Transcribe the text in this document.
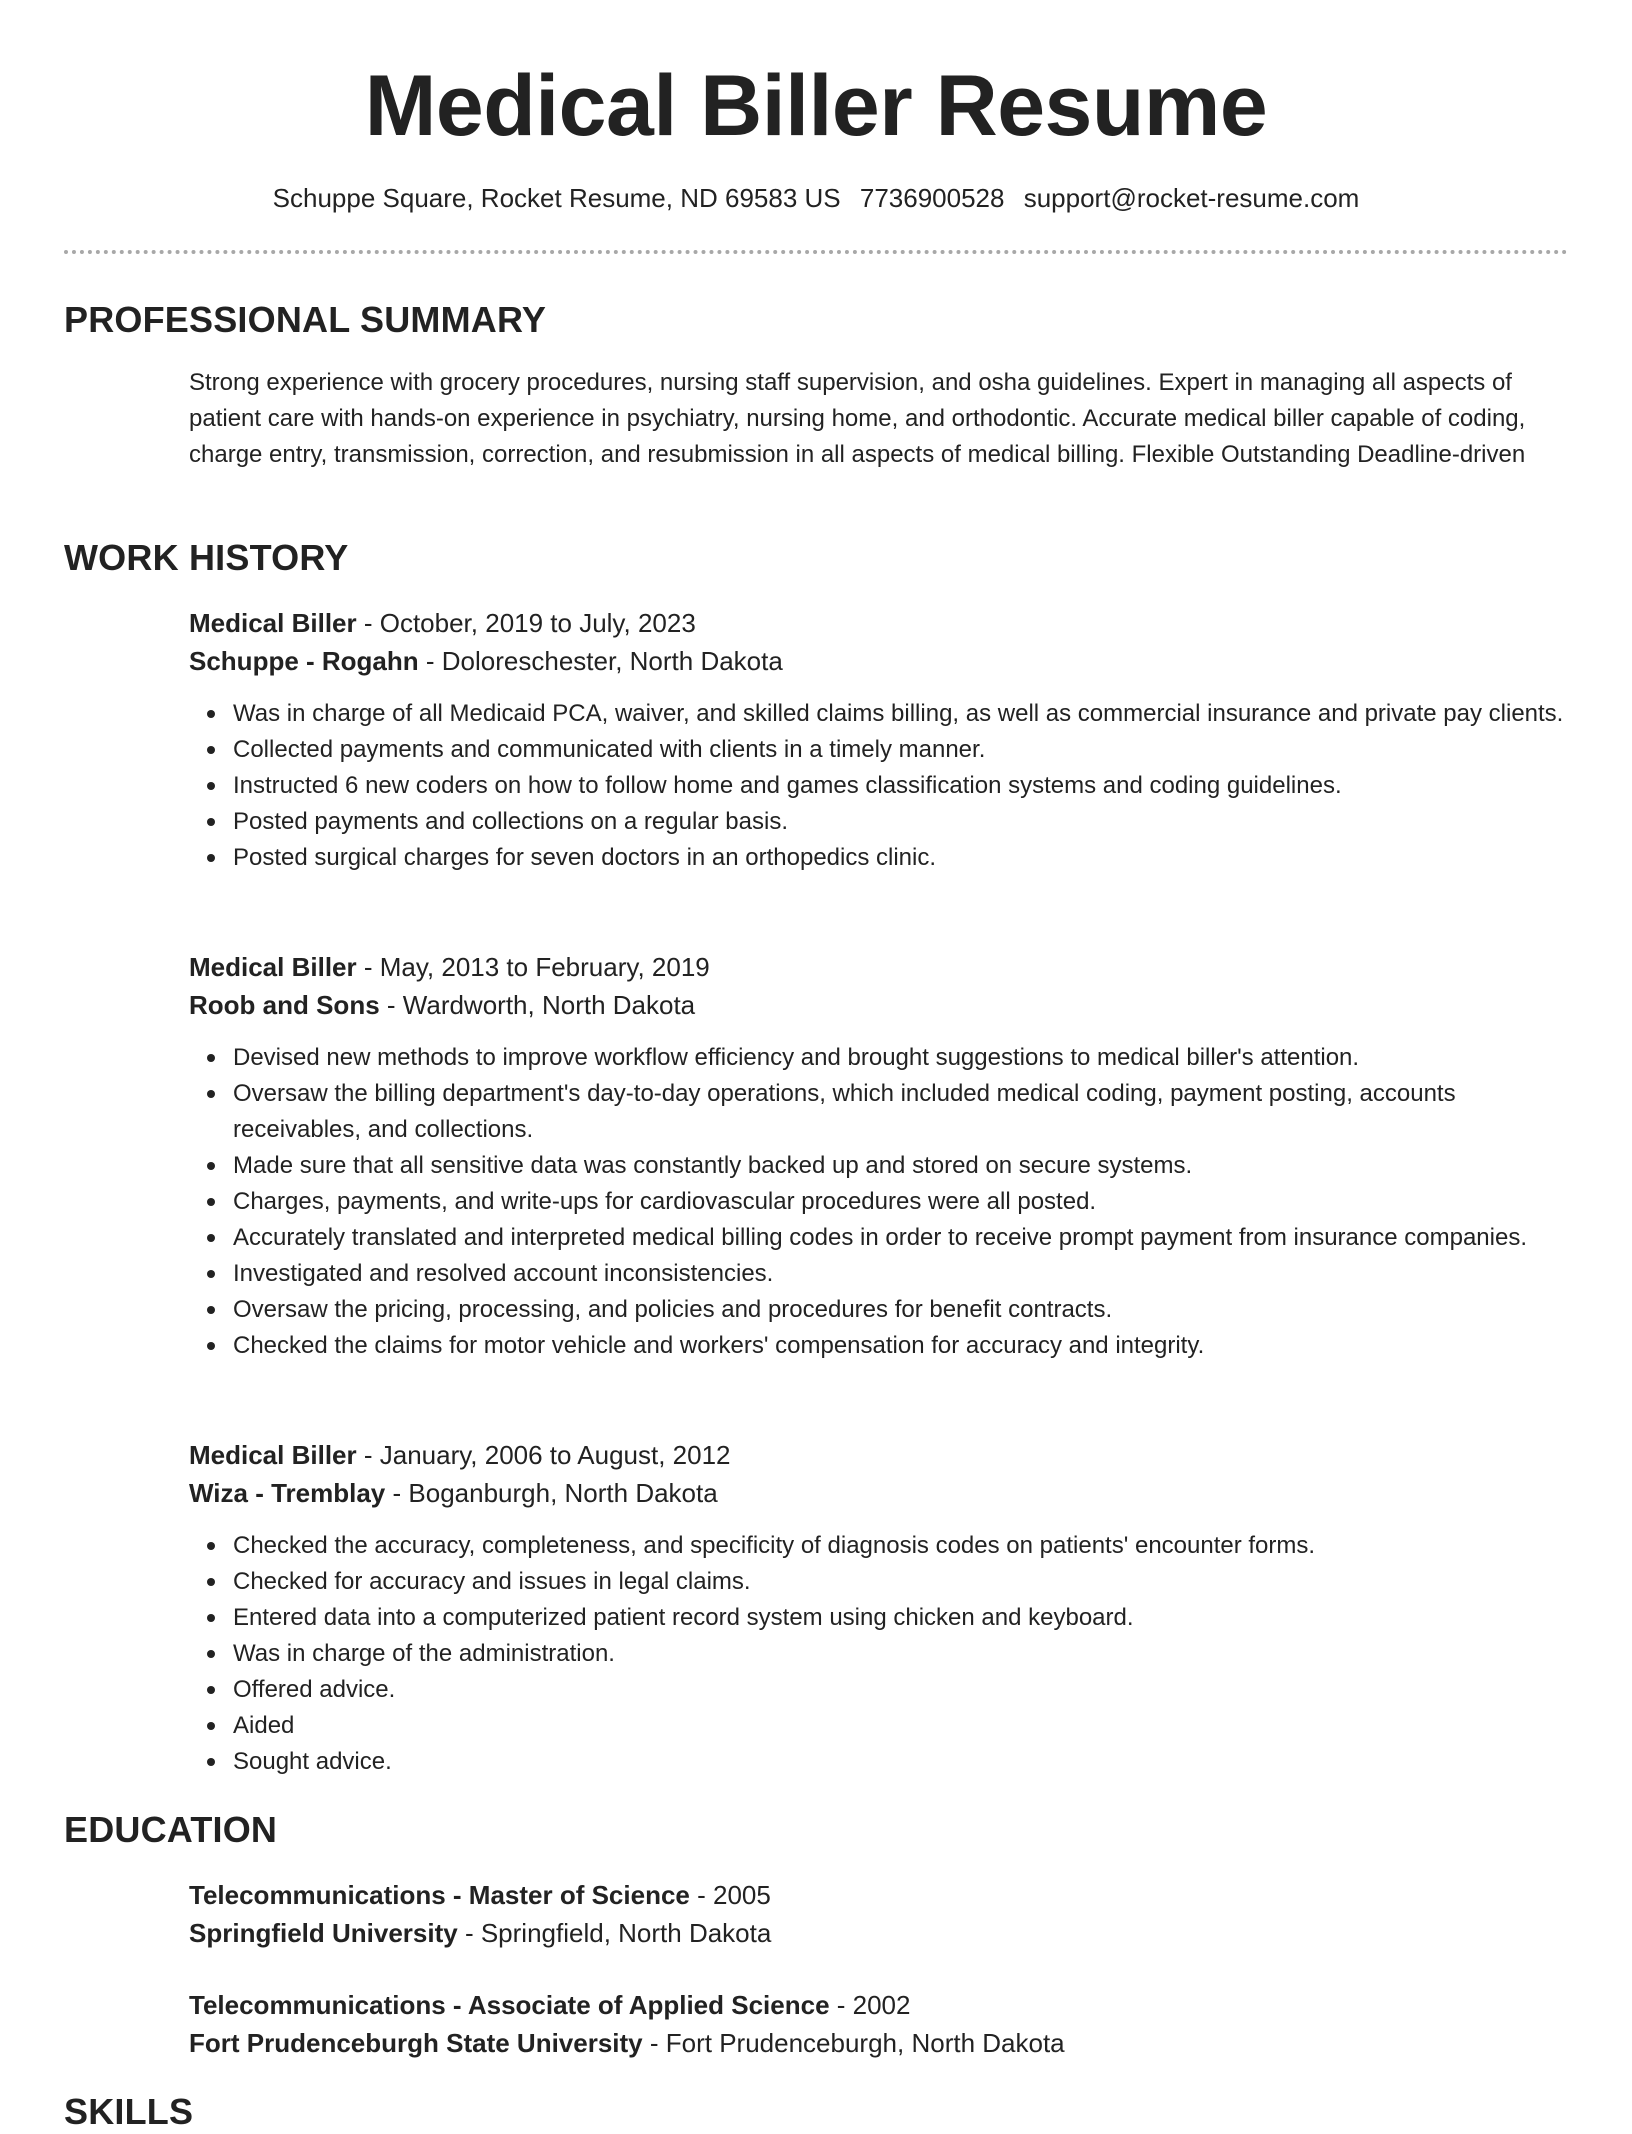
Medical Biller Resume
Schuppe Square, Rocket Resume, ND 69583 US 7736900528 support@rocket-resume.com
PROFESSIONAL SUMMARY

Strong experience with grocery procedures, nursing staff supervision, and osha guidelines. Expert in managing all aspects of patient care with hands-on experience in psychiatry, nursing home, and orthodontic. Accurate medical biller capable of coding, charge entry, transmission, correction, and resubmission in all aspects of medical billing. Flexible Outstanding Deadline-driven

WORK HISTORY

Medical Biller - October, 2019 to July, 2023

Schuppe - Rogahn - Doloreschester, North Dakota

Was in charge of all Medicaid PCA, waiver, and skilled claims billing, as well as commercial insurance and private pay clients.
Collected payments and communicated with clients in a timely manner.
Instructed 6 new coders on how to follow home and games classification systems and coding guidelines.
Posted payments and collections on a regular basis.
Posted surgical charges for seven doctors in an orthopedics clinic.

Medical Biller - May, 2013 to February, 2019

Roob and Sons - Wardworth, North Dakota

Devised new methods to improve workflow efficiency and brought suggestions to medical biller's attention.
Oversaw the billing department's day-to-day operations, which included medical coding, payment posting, accounts receivables, and collections.
Made sure that all sensitive data was constantly backed up and stored on secure systems.
Charges, payments, and write-ups for cardiovascular procedures were all posted.
Accurately translated and interpreted medical billing codes in order to receive prompt payment from insurance companies.
Investigated and resolved account inconsistencies.
Oversaw the pricing, processing, and policies and procedures for benefit contracts.
Checked the claims for motor vehicle and workers' compensation for accuracy and integrity.

Medical Biller - January, 2006 to August, 2012

Wiza - Tremblay - Boganburgh, North Dakota

Checked the accuracy, completeness, and specificity of diagnosis codes on patients' encounter forms.
Checked for accuracy and issues in legal claims.
Entered data into a computerized patient record system using chicken and keyboard.
Was in charge of the administration.
Offered advice.
Aided
Sought advice.
EDUCATION

Telecommunications - Master of Science - 2005

Springfield University - Springfield, North Dakota

Telecommunications - Associate of Applied Science - 2002

Fort Prudenceburgh State University - Fort Prudenceburgh, North Dakota

SKILLS
